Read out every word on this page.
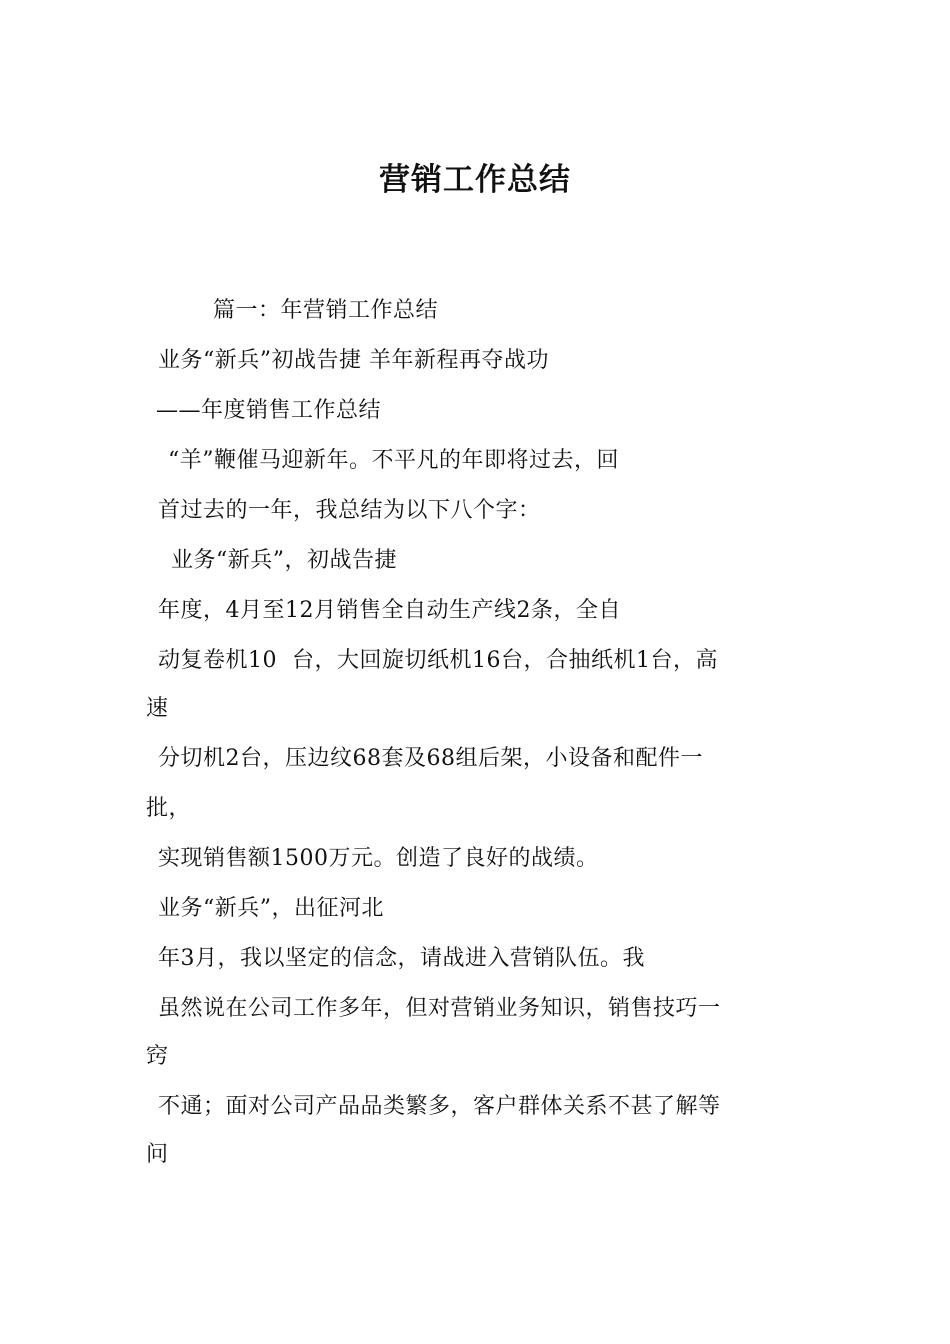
营销工作总结
篇一：年营销工作总结
业务“新兵”初战告捷 羊年新程再夺战功
——年度销售工作总结
“羊”鞭催马迎新年。不平凡的年即将过去，回
首过去的一年，我总结为以下八个字：
业务“新兵”，初战告捷
年度，4月至12月销售全自动生产线2条，全自
动复卷机10  台，大回旋切纸机16台，合抽纸机1台，高
速
分切机2台，压边纹68套及68组后架，小设备和配件一
批，
实现销售额1500万元。创造了良好的战绩。
业务“新兵”，出征河北
年3月，我以坚定的信念，请战进入营销队伍。我
虽然说在公司工作多年，但对营销业务知识，销售技巧一
窍
不通；面对公司产品品类繁多，客户群体关系不甚了解等
问
